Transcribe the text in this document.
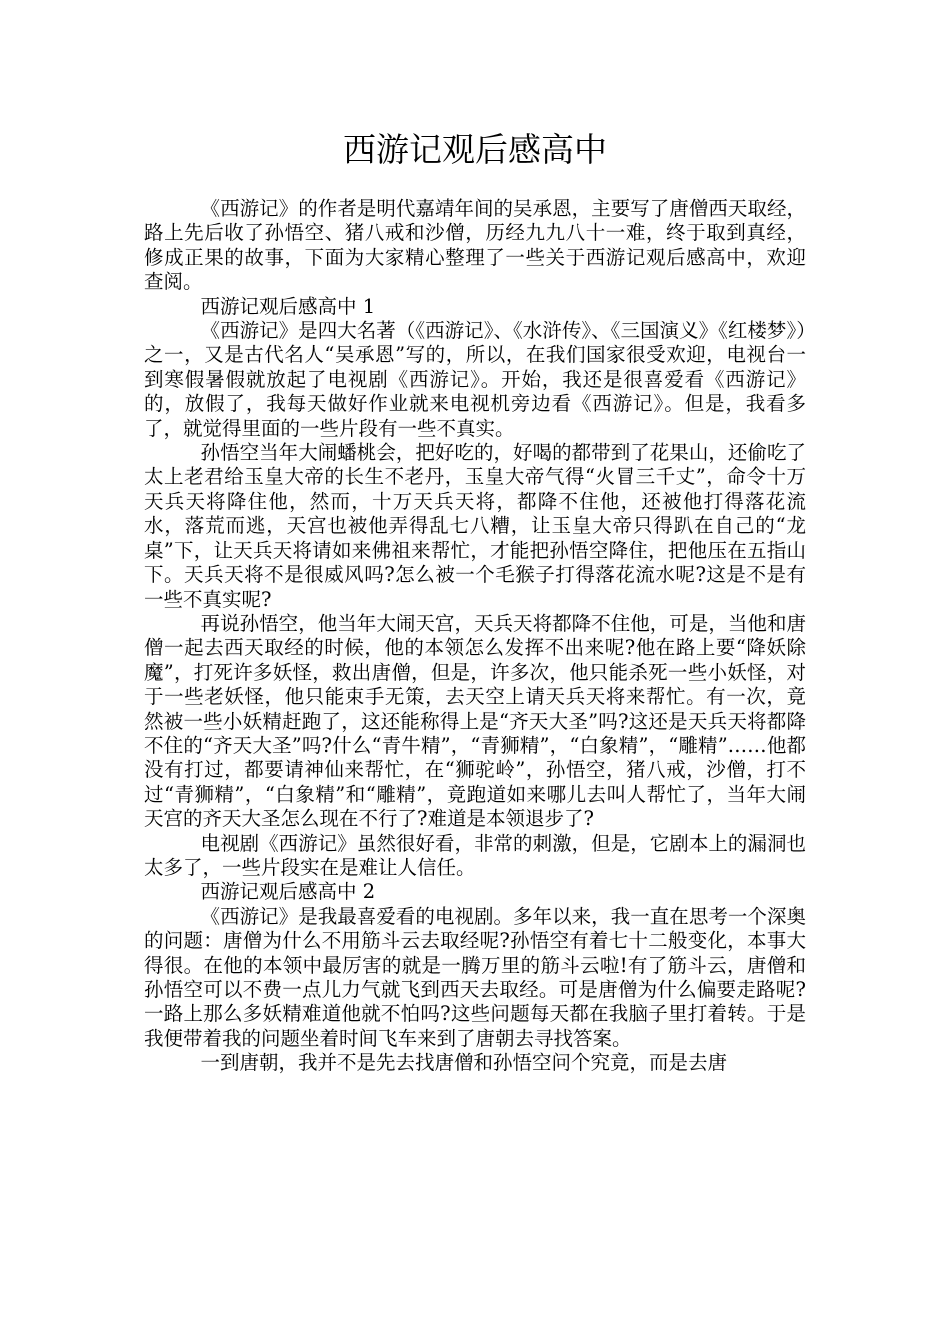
西游记观后感高中

《西游记》的作者是明代嘉靖年间的吴承恩，主要写了唐僧西天取经，路上先后收了孙悟空、猪八戒和沙僧，历经九九八十一难，终于取到真经，修成正果的故事，下面为大家精心整理了一些关于西游记观后感高中，欢迎查阅。

西游记观后感高中 1

《西游记》是四大名著（《西游记》、《水浒传》、《三国演义》《红楼梦》）之一，又是古代名人“吴承恩”写的，所以，在我们国家很受欢迎，电视台一到寒假暑假就放起了电视剧《西游记》。开始，我还是很喜爱看《西游记》的，放假了，我每天做好作业就来电视机旁边看《西游记》。但是，我看多了，就觉得里面的一些片段有一些不真实。

孙悟空当年大闹蟠桃会，把好吃的，好喝的都带到了花果山，还偷吃了太上老君给玉皇大帝的长生不老丹，玉皇大帝气得“火冒三千丈”，命令十万天兵天将降住他，然而，十万天兵天将，都降不住他，还被他打得落花流水，落荒而逃，天宫也被他弄得乱七八糟，让玉皇大帝只得趴在自己的“龙桌”下，让天兵天将请如来佛祖来帮忙，才能把孙悟空降住，把他压在五指山下。天兵天将不是很威风吗?怎么被一个毛猴子打得落花流水呢?这是不是有一些不真实呢?

再说孙悟空，他当年大闹天宫，天兵天将都降不住他，可是，当他和唐僧一起去西天取经的时候，他的本领怎么发挥不出来呢?他在路上要“降妖除魔”，打死许多妖怪，救出唐僧，但是，许多次，他只能杀死一些小妖怪，对于一些老妖怪，他只能束手无策，去天空上请天兵天将来帮忙。有一次，竟然被一些小妖精赶跑了，这还能称得上是“齐天大圣”吗?这还是天兵天将都降不住的“齐天大圣”吗?什么“青牛精”，“青狮精”，“白象精”，“雕精”……他都没有打过，都要请神仙来帮忙，在“狮驼岭”，孙悟空，猪八戒，沙僧，打不过“青狮精”，“白象精”和“雕精”，竟跑道如来哪儿去叫人帮忙了，当年大闹天宫的齐天大圣怎么现在不行了?难道是本领退步了?

电视剧《西游记》虽然很好看，非常的刺激，但是，它剧本上的漏洞也太多了，一些片段实在是难让人信任。

西游记观后感高中 2

《西游记》是我最喜爱看的电视剧。多年以来，我一直在思考一个深奥的问题：唐僧为什么不用筋斗云去取经呢?孙悟空有着七十二般变化，本事大得很。在他的本领中最厉害的就是一腾万里的筋斗云啦!有了筋斗云，唐僧和孙悟空可以不费一点儿力气就飞到西天去取经。可是唐僧为什么偏要走路呢?一路上那么多妖精难道他就不怕吗?这些问题每天都在我脑子里打着转。于是我便带着我的问题坐着时间飞车来到了唐朝去寻找答案。

一到唐朝，我并不是先去找唐僧和孙悟空问个究竟，而是去唐
